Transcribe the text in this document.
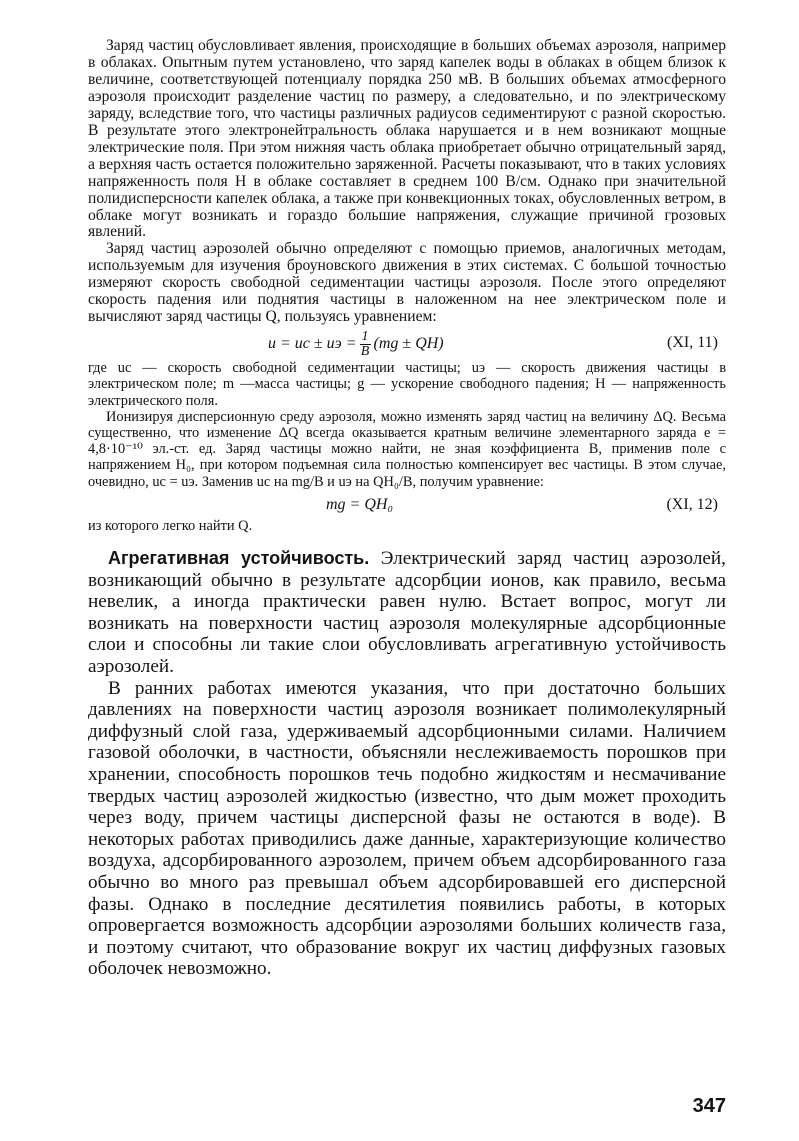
Заряд частиц обусловливает явления, происходящие в больших объемах аэрозоля, например в облаках. Опытным путем установлено, что заряд капелек воды в облаках в общем близок к величине, соответствующей потенциалу порядка 250 мВ. В больших объемах атмосферного аэрозоля происходит разделение частиц по размеру, а следовательно, и по электрическому заряду, вследствие того, что частицы различных радиусов седиментируют с разной скоростью. В результате этого электронейтральность облака нарушается и в нем возникают мощные электрические поля. При этом нижняя часть облака приобретает обычно отрицательный заряд, а верхняя часть остается положительно заряженной. Расчеты показывают, что в таких условиях напряженность поля H в облаке составляет в среднем 100 В/см. Однако при значительной полидисперсности капелек облака, а также при конвекционных токах, обусловленных ветром, в облаке могут возникать и гораздо большие напряжения, служащие причиной грозовых явлений.

Заряд частиц аэрозолей обычно определяют с помощью приемов, аналогичных методам, используемым для изучения броуновского движения в этих системах. С большой точностью измеряют скорость свободной седиментации частицы аэрозоля. После этого определяют скорость падения или поднятия частицы в наложенном на нее электрическом поле и вычисляют заряд частицы Q, пользуясь уравнением:

u = uc ± uэ = $\frac{1}{B} (mg \pm QH)$	(XI, 11)

где uc — скорость свободной седиментации частицы; uэ — скорость движения частицы в электрическом поле; m —масса частицы; g — ускорение свободного падения; H — напряженность электрического поля.

Ионизируя дисперсионную среду аэрозоля, можно изменять заряд частиц на величину ΔQ. Весьма существенно, что изменение ΔQ всегда оказывается кратным величине элементарного заряда e = 4,8·10⁻¹⁰ эл.-ст. ед. Заряд частицы можно найти, не зная коэффициента B, применив поле с напряжением H₀, при котором подъемная сила полностью компенсирует вес частицы. В этом случае, очевидно, uc = uэ. Заменив uc на mg/B и uэ на QH₀/B, получим уравнение:

mg = QH₀	(XI, 12)

из которого легко найти Q.

Агрегативная устойчивость. Электрический заряд частиц аэрозолей, возникающий обычно в результате адсорбции ионов, как правило, весьма невелик, а иногда практически равен нулю. Встает вопрос, могут ли возникать на поверхности частиц аэрозоля молекулярные адсорбционные слои и способны ли такие слои обусловливать агрегативную устойчивость аэрозолей.

В ранних работах имеются указания, что при достаточно больших давлениях на поверхности частиц аэрозоля возникает полимолекулярный диффузный слой газа, удерживаемый адсорбционными силами. Наличием газовой оболочки, в частности, объясняли неслеживаемость порошков при хранении, способность порошков течь подобно жидкостям и несмачивание твердых частиц аэрозолей жидкостью (известно, что дым может проходить через воду, причем частицы дисперсной фазы не остаются в воде). В некоторых работах приводились даже данные, характеризующие количество воздуха, адсорбированного аэрозолем, причем объем адсорбированного газа обычно во много раз превышал объем адсорбировавшей его дисперсной фазы. Однако в последние десятилетия появились работы, в которых опровергается возможность адсорбции аэрозолями больших количеств газа, и поэтому считают, что образование вокруг их частиц диффузных газовых оболочек невозможно.

347
